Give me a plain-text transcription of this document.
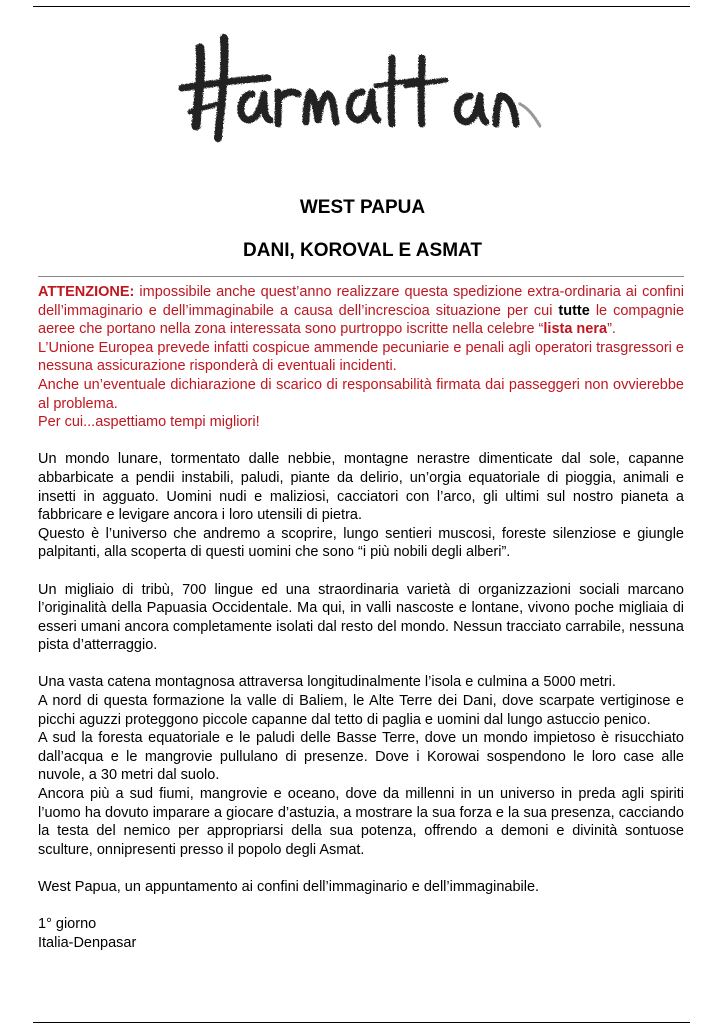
WEST PAPUA
DANI, KOROVAL E ASMAT

ATTENZIONE: impossibile anche quest’anno realizzare questa spedizione extra-ordinaria ai confini dell’immaginario e dell’immaginabile a causa dell’increscioa situazione per cui tutte le compagnie aeree che portano nella zona interessata sono purtroppo iscritte nella celebre “lista nera”.

L’Unione Europea prevede infatti cospicue ammende pecuniarie e penali agli operatori trasgressori e nessuna assicurazione risponderà di eventuali incidenti.

Anche un’eventuale dichiarazione di scarico di responsabilità firmata dai passeggeri non ovvierebbe al problema.

Per cui...aspettiamo tempi migliori!

Un mondo lunare, tormentato dalle nebbie, montagne nerastre dimenticate dal sole, capanne abbarbicate a pendii instabili, paludi, piante da delirio, un’orgia equatoriale di pioggia, animali e insetti in agguato. Uomini nudi e maliziosi, cacciatori con l’arco, gli ultimi sul nostro pianeta a fabbricare e levigare ancora i loro utensili di pietra.

Questo è l’universo che andremo a scoprire, lungo sentieri muscosi, foreste silenziose e giungle palpitanti, alla scoperta di questi uomini che sono “i più nobili degli alberi”.

Un migliaio di tribù, 700 lingue ed una straordinaria varietà di organizzazioni sociali marcano l’originalità della Papuasia Occidentale. Ma qui, in valli nascoste e lontane, vivono poche migliaia di esseri umani ancora completamente isolati dal resto del mondo. Nessun tracciato carrabile, nessuna pista d’atterraggio.

Una vasta catena montagnosa attraversa longitudinalmente l’isola e culmina a 5000 metri.

A nord di questa formazione la valle di Baliem, le Alte Terre dei Dani, dove scarpate vertiginose e picchi aguzzi proteggono piccole capanne dal tetto di paglia e uomini dal lungo astuccio penico.

A sud la foresta equatoriale e le paludi delle Basse Terre, dove un mondo impietoso è risucchiato dall’acqua e le mangrovie pullulano di presenze. Dove i Korowai sospendono le loro case alle nuvole, a 30 metri dal suolo.

Ancora più a sud fiumi, mangrovie e oceano, dove da millenni in un universo in preda agli spiriti l’uomo ha dovuto imparare a giocare d’astuzia, a mostrare la sua forza e la sua presenza, cacciando la testa del nemico per appropriarsi della sua potenza, offrendo a demoni e divinità sontuose sculture, onnipresenti presso il popolo degli Asmat.

West Papua, un appuntamento ai confini dell’immaginario e dell’immaginabile.

1° giorno

Italia-Denpasar
